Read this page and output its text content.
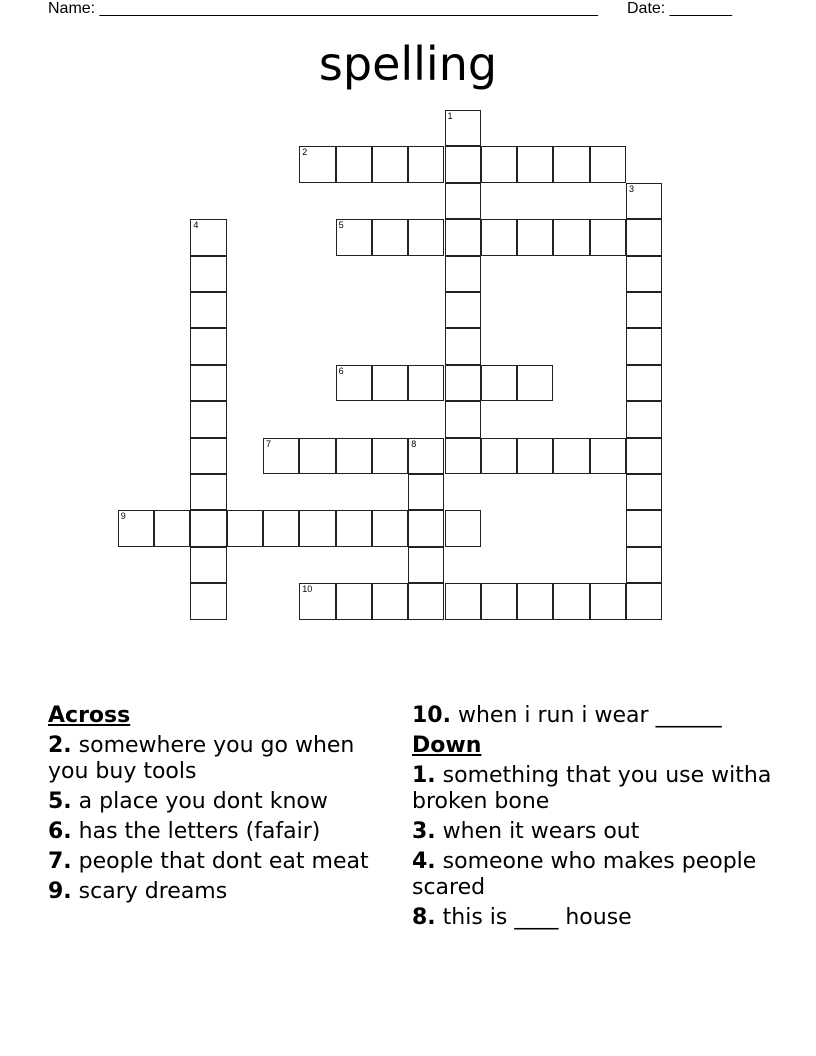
Name: ________________________________________________________ Date: _______
spelling
1
2
3
4	5
6
7	8
9
10
Across
2. somewhere you go when you buy tools
5. a place you dont know
6. has the letters (fafair)
7. people that dont eat meat
9. scary dreams
10. when i run i wear ______
Down
1. something that you use witha broken bone
3. when it wears out
4. someone who makes people scared
8. this is ____ house
